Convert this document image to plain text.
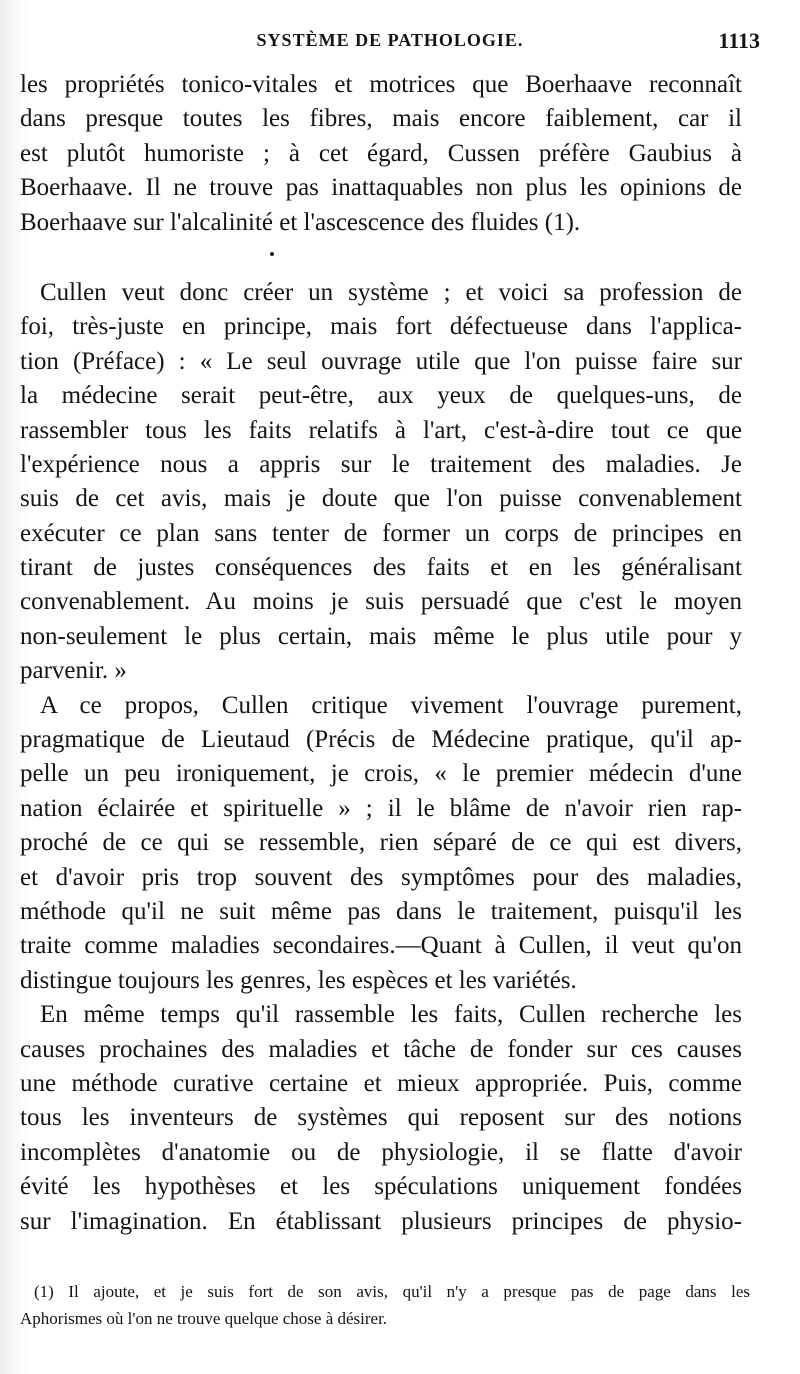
SYSTÈME DE PATHOLOGIE.	1113
les propriétés tonico-vitales et motrices que Boerhaave reconnaît
dans presque toutes les fibres, mais encore faiblement, car il
est plutôt humoriste ; à cet égard, Cussen préfère Gaubius à
Boerhaave. Il ne trouve pas inattaquables non plus les opinions de
Boerhaave sur l'alcalinité et l'ascescence des fluides (1).
Cullen veut donc créer un système ; et voici sa profession de
foi, très-juste en principe, mais fort défectueuse dans l'applica-
tion (Préface) : « Le seul ouvrage utile que l'on puisse faire sur
la médecine serait peut-être, aux yeux de quelques-uns, de
rassembler tous les faits relatifs à l'art, c'est-à-dire tout ce que
l'expérience nous a appris sur le traitement des maladies. Je
suis de cet avis, mais je doute que l'on puisse convenablement
exécuter ce plan sans tenter de former un corps de principes en
tirant de justes conséquences des faits et en les généralisant
convenablement. Au moins je suis persuadé que c'est le moyen
non-seulement le plus certain, mais même le plus utile pour y
parvenir. »
A ce propos, Cullen critique vivement l'ouvrage purement,
pragmatique de Lieutaud (Précis de Médecine pratique, qu'il ap-
pelle un peu ironiquement, je crois, « le premier médecin d'une
nation éclairée et spirituelle » ; il le blâme de n'avoir rien rap-
proché de ce qui se ressemble, rien séparé de ce qui est divers,
et d'avoir pris trop souvent des symptômes pour des maladies,
méthode qu'il ne suit même pas dans le traitement, puisqu'il les
traite comme maladies secondaires.—Quant à Cullen, il veut qu'on
distingue toujours les genres, les espèces et les variétés.
En même temps qu'il rassemble les faits, Cullen recherche les
causes prochaines des maladies et tâche de fonder sur ces causes
une méthode curative certaine et mieux appropriée. Puis, comme
tous les inventeurs de systèmes qui reposent sur des notions
incomplètes d'anatomie ou de physiologie, il se flatte d'avoir
évité les hypothèses et les spéculations uniquement fondées
sur l'imagination. En établissant plusieurs principes de physio-
(1) Il ajoute, et je suis fort de son avis, qu'il n'y a presque pas de page dans les
Aphorismes où l'on ne trouve quelque chose à désirer.
